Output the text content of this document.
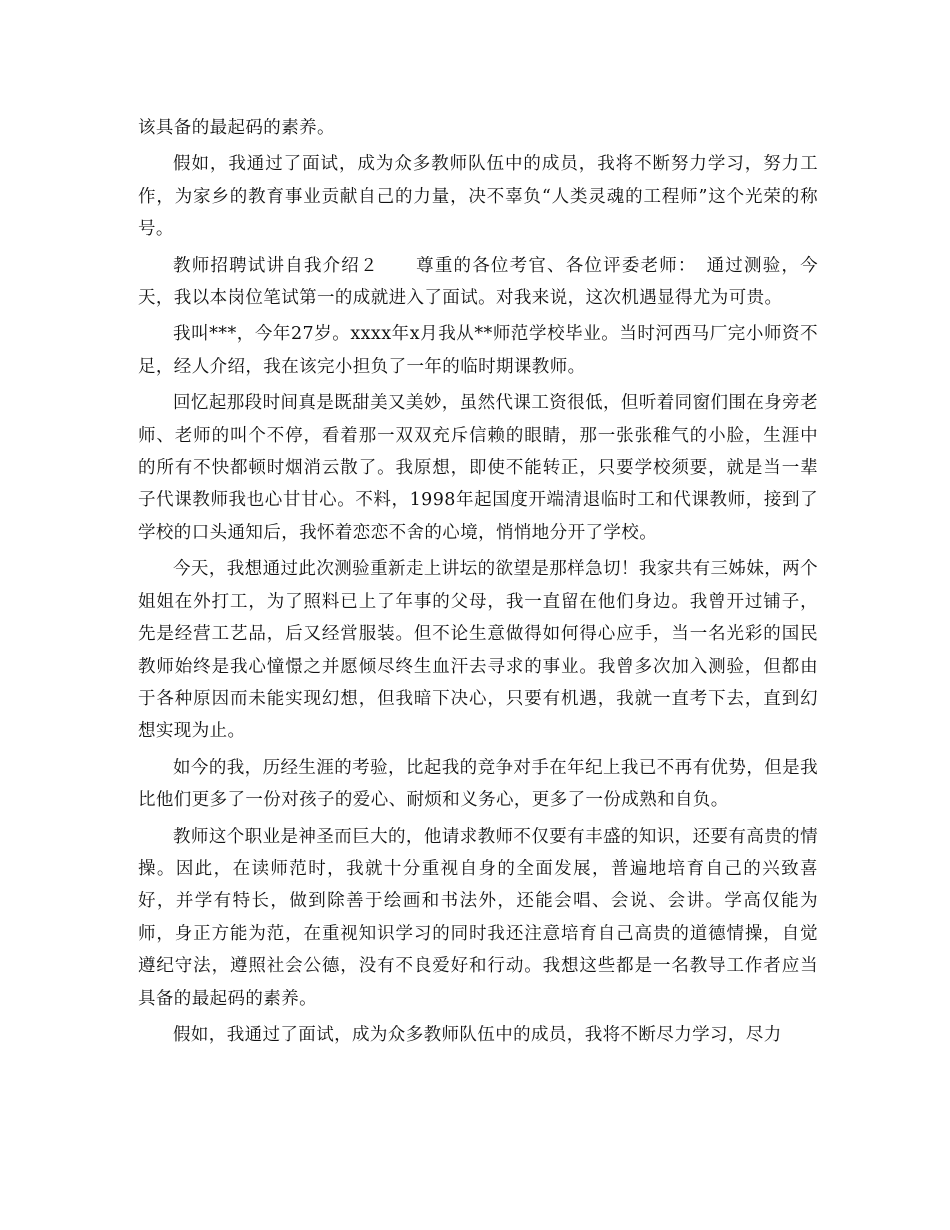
该具备的最起码的素养。

假如，我通过了面试，成为众多教师队伍中的成员，我将不断努力学习，努力工作，为家乡的教育事业贡献自己的力量，决不辜负“人类灵魂的工程师”这个光荣的称号。

教师招聘试讲自我介绍２　　尊重的各位考官、各位评委老师：　通过测验，今天，我以本岗位笔试第一的成就进入了面试。对我来说，这次机遇显得尤为可贵。

我叫***，今年27岁。xxxx年x月我从**师范学校毕业。当时河西马厂完小师资不足，经人介绍，我在该完小担负了一年的临时期课教师。

回忆起那段时间真是既甜美又美妙，虽然代课工资很低，但听着同窗们围在身旁老师、老师的叫个不停，看着那一双双充斥信赖的眼睛，那一张张稚气的小脸，生涯中的所有不快都顿时烟消云散了。我原想，即使不能转正，只要学校须要，就是当一辈子代课教师我也心甘甘心。不料，1998年起国度开端清退临时工和代课教师，接到了学校的口头通知后，我怀着恋恋不舍的心境，悄悄地分开了学校。

今天，我想通过此次测验重新走上讲坛的欲望是那样急切！我家共有三姊妹，两个姐姐在外打工，为了照料已上了年事的父母，我一直留在他们身边。我曾开过铺子，先是经营工艺品，后又经営服装。但不论生意做得如何得心应手，当一名光彩的国民教师始终是我心憧憬之并愿倾尽终生血汗去寻求的事业。我曾多次加入测验，但都由于各种原因而未能实现幻想，但我暗下决心，只要有机遇，我就一直考下去，直到幻想实现为止。

如今的我，历经生涯的考验，比起我的竞争对手在年纪上我已不再有优势，但是我比他们更多了一份对孩子的爱心、耐烦和义务心，更多了一份成熟和自负。

教师这个职业是神圣而巨大的，他请求教师不仅要有丰盛的知识，还要有高贵的情操。因此，在读师范时，我就十分重视自身的全面发展，普遍地培育自己的兴致喜好，并学有特长，做到除善于绘画和书法外，还能会唱、会说、会讲。学高仅能为师，身正方能为范，在重视知识学习的同时我还注意培育自己高贵的道德情操，自觉遵纪守法，遵照社会公德，没有不良爱好和行动。我想这些都是一名教导工作者应当具备的最起码的素养。

假如，我通过了面试，成为众多教师队伍中的成员，我将不断尽力学习，尽力
